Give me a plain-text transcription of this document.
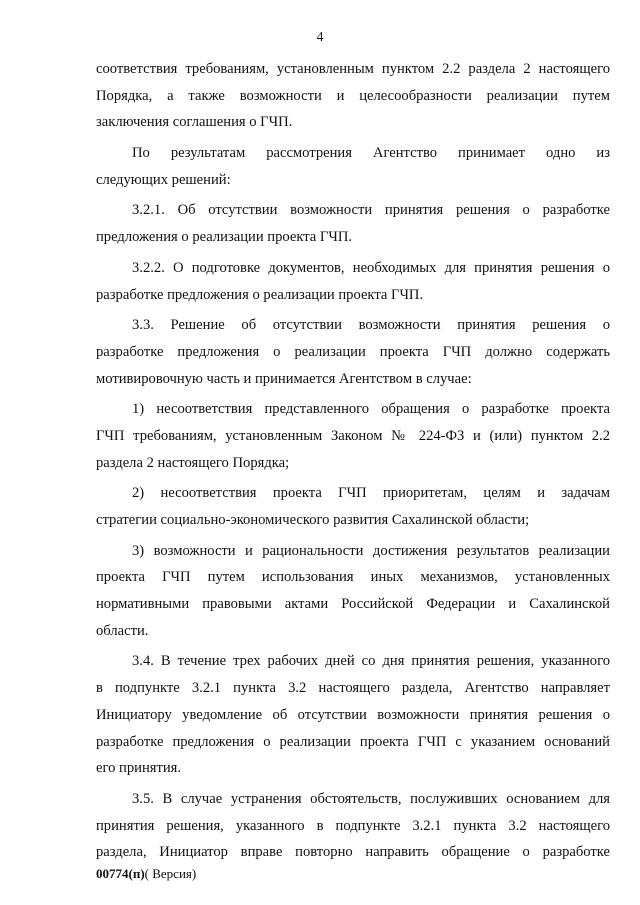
4
соответствия требованиям, установленным пунктом 2.2 раздела 2 настоящего
Порядка, а также возможности и целесообразности реализации путем
заключения соглашения о ГЧП.
По результатам рассмотрения Агентство принимает одно из
следующих решений:
3.2.1. Об отсутствии возможности принятия решения о разработке
предложения о реализации проекта ГЧП.
3.2.2. О подготовке документов, необходимых для принятия решения о
разработке предложения о реализации проекта ГЧП.
3.3. Решение об отсутствии возможности принятия решения о
разработке предложения о реализации проекта ГЧП должно содержать
мотивировочную часть и принимается Агентством в случае:
1) несоответствия представленного обращения о разработке проекта
ГЧП требованиям, установленным Законом № 224-ФЗ и (или) пунктом 2.2
раздела 2 настоящего Порядка;
2) несоответствия проекта ГЧП приоритетам, целям и задачам
стратегии социально-экономического развития Сахалинской области;
3) возможности и рациональности достижения результатов реализации
проекта ГЧП путем использования иных механизмов, установленных
нормативными правовыми актами Российской Федерации и Сахалинской
области.
3.4. В течение трех рабочих дней со дня принятия решения, указанного
в подпункте 3.2.1 пункта 3.2 настоящего раздела, Агентство направляет
Инициатору уведомление об отсутствии возможности принятия решения о
разработке предложения о реализации проекта ГЧП с указанием оснований
его принятия.
3.5. В случае устранения обстоятельств, послуживших основанием для
принятия решения, указанного в подпункте 3.2.1 пункта 3.2 настоящего
раздела, Инициатор вправе повторно направить обращение о разработке
00774(п)( Версия)
